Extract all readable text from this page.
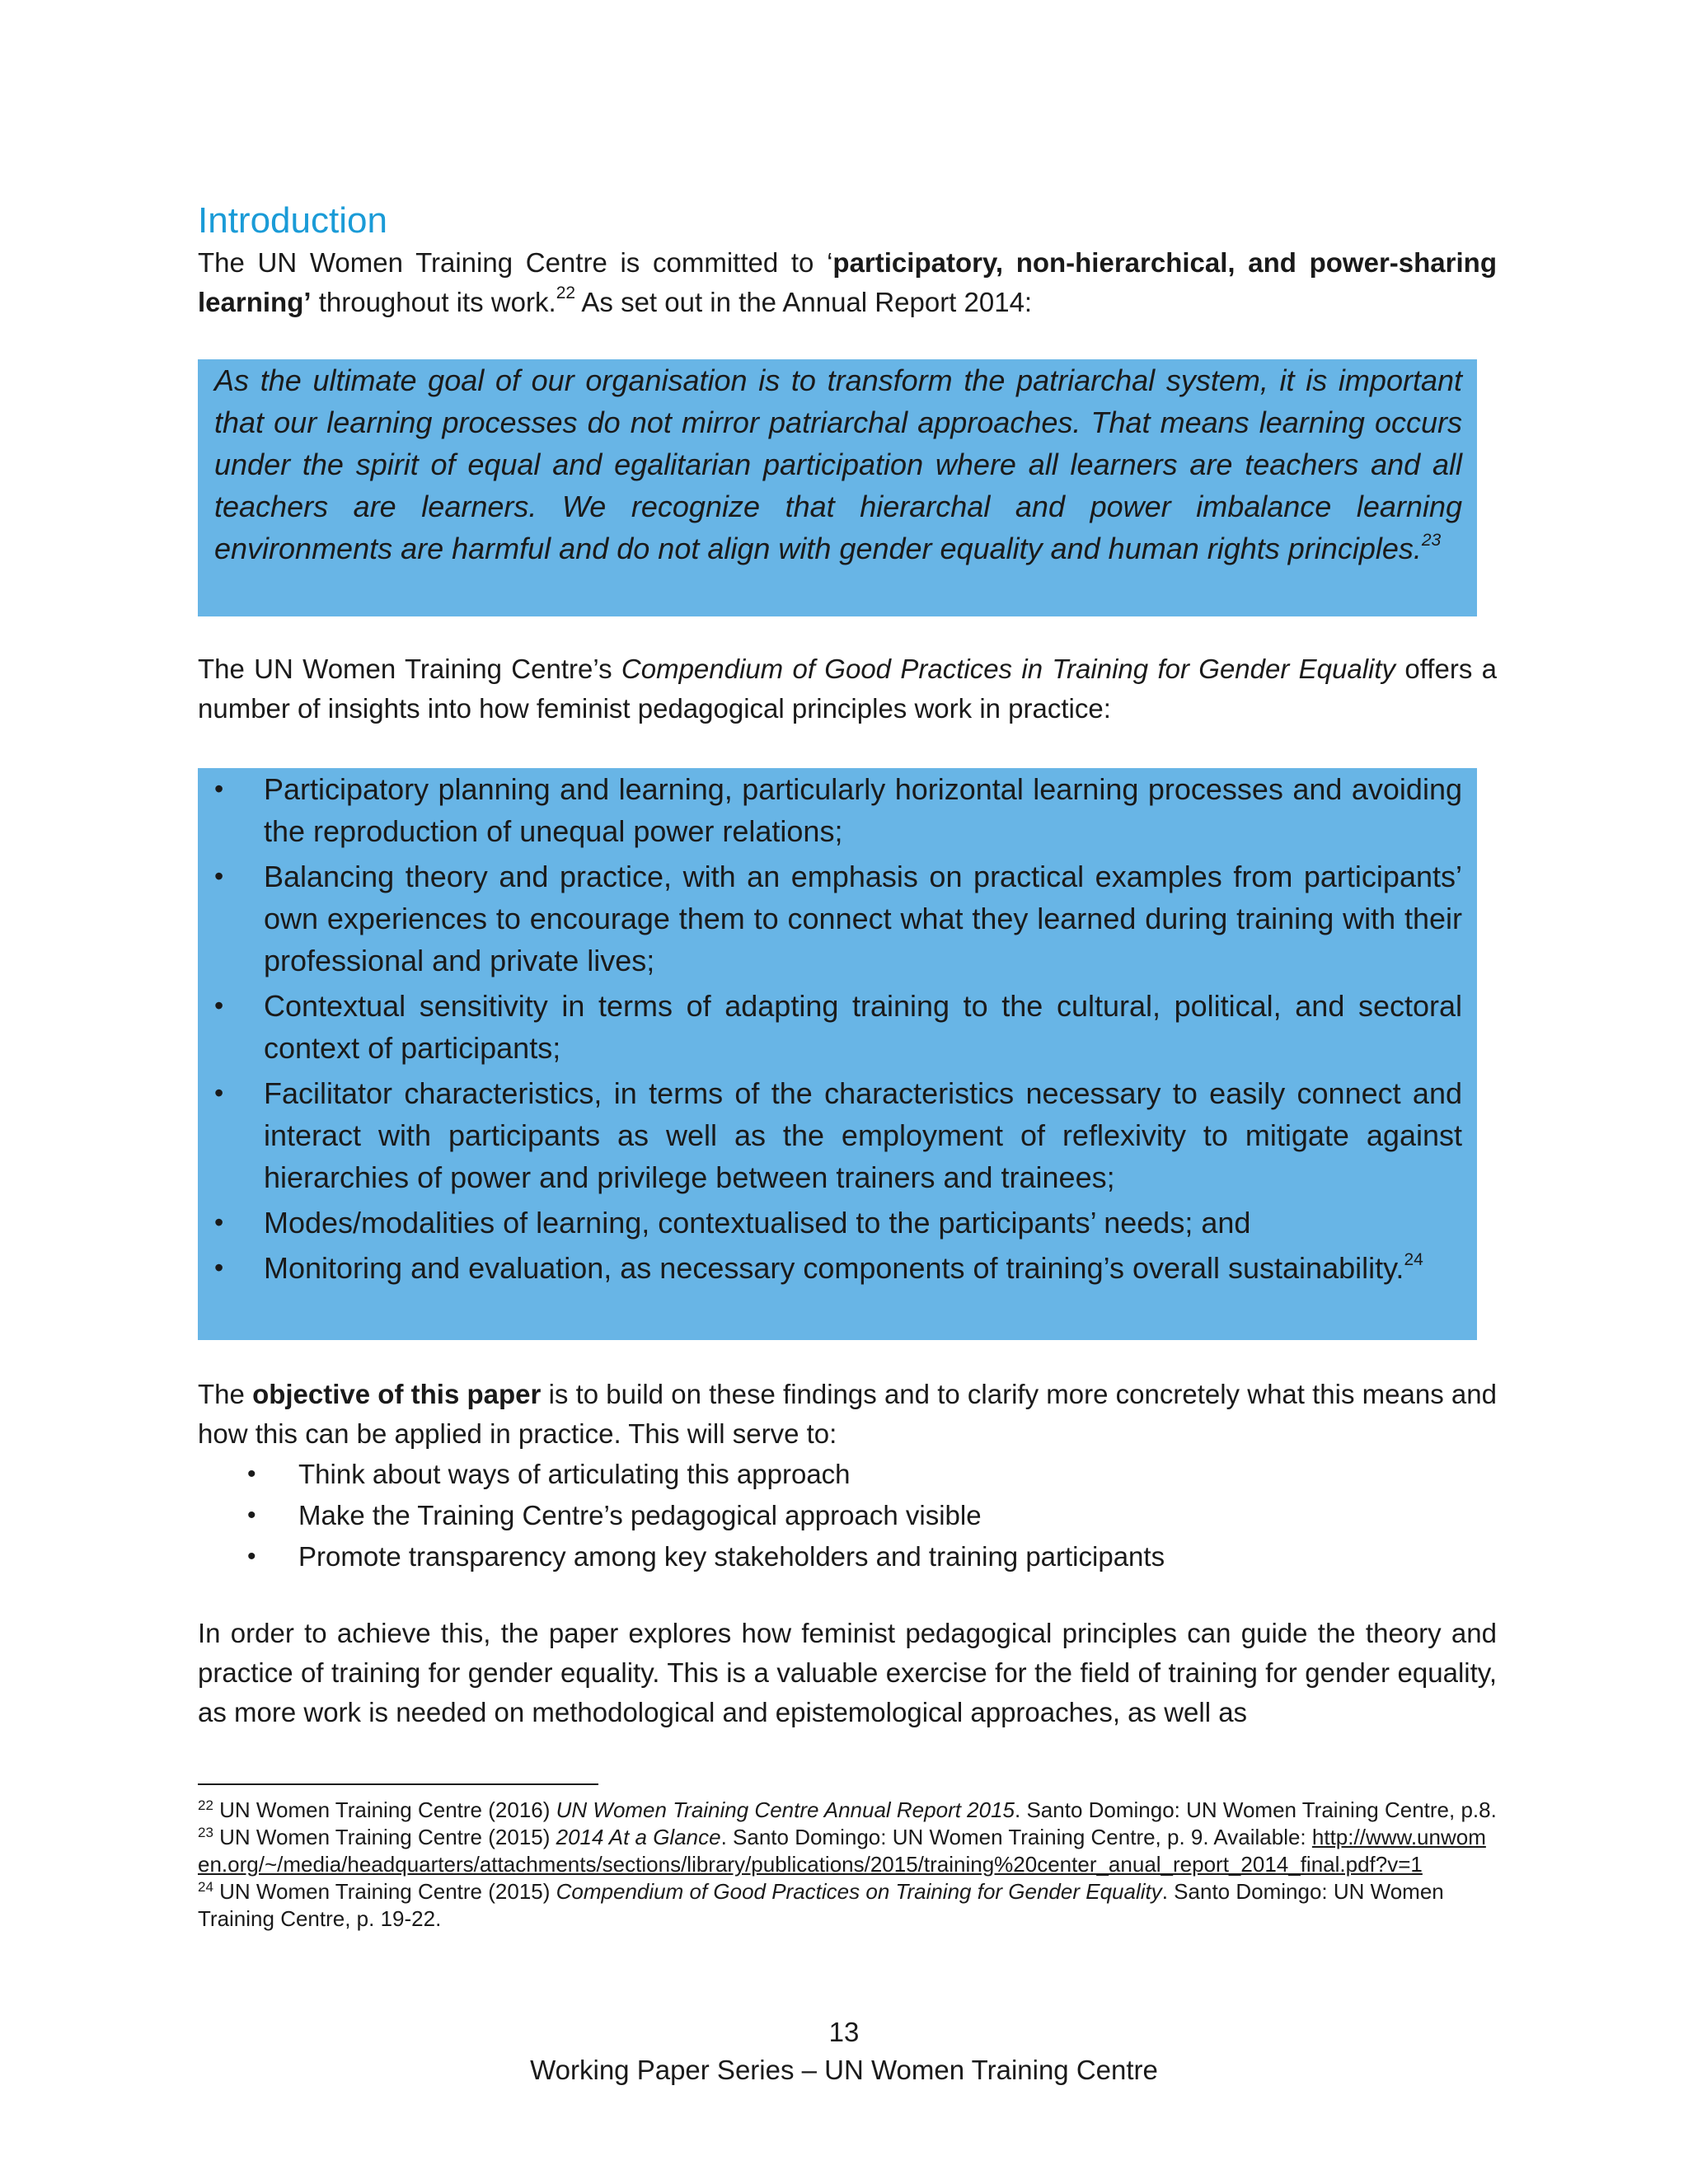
Introduction
The UN Women Training Centre is committed to ‘participatory, non-hierarchical, and power-sharing learning’ throughout its work.$^{22}$ As set out in the Annual Report 2014:
As the ultimate goal of our organisation is to transform the patriarchal system, it is important that our learning processes do not mirror patriarchal approaches. That means learning occurs under the spirit of equal and egalitarian participation where all learners are teachers and all teachers are learners. We recognize that hierarchal and power imbalance learning environments are harmful and do not align with gender equality and human rights principles.$^{23}$
The UN Women Training Centre’s Compendium of Good Practices in Training for Gender Equality offers a number of insights into how feminist pedagogical principles work in practice:
•	Participatory planning and learning, particularly horizontal learning processes and avoiding the reproduction of unequal power relations;
•	Balancing theory and practice, with an emphasis on practical examples from participants’ own experiences to encourage them to connect what they learned during training with their professional and private lives;
•	Contextual sensitivity in terms of adapting training to the cultural, political, and sectoral context of participants;
•	Facilitator characteristics, in terms of the characteristics necessary to easily connect and interact with participants as well as the employment of reflexivity to mitigate against hierarchies of power and privilege between trainers and trainees;
•	Modes/modalities of learning, contextualised to the participants’ needs; and
•	Monitoring and evaluation, as necessary components of training’s overall sustainability.$^{24}$
The objective of this paper is to build on these findings and to clarify more concretely what this means and how this can be applied in practice. This will serve to:
• Think about ways of articulating this approach
• Make the Training Centre’s pedagogical approach visible
• Promote transparency among key stakeholders and training participants
In order to achieve this, the paper explores how feminist pedagogical principles can guide the theory and practice of training for gender equality. This is a valuable exercise for the field of training for gender equality, as more work is needed on methodological and epistemological approaches, as well as
$^{22}$ UN Women Training Centre (2016) UN Women Training Centre Annual Report 2015. Santo Domingo: UN Women Training Centre, p.8.
$^{23}$ UN Women Training Centre (2015) 2014 At a Glance. Santo Domingo: UN Women Training Centre, p. 9. Available: http://www.unwomen.org/~/media/headquarters/attachments/sections/library/publications/2015/training%20center_anual_report_2014_final.pdf?v=1
$^{24}$ UN Women Training Centre (2015) Compendium of Good Practices on Training for Gender Equality. Santo Domingo: UN Women Training Centre, p. 19-22.
13
Working Paper Series – UN Women Training Centre
